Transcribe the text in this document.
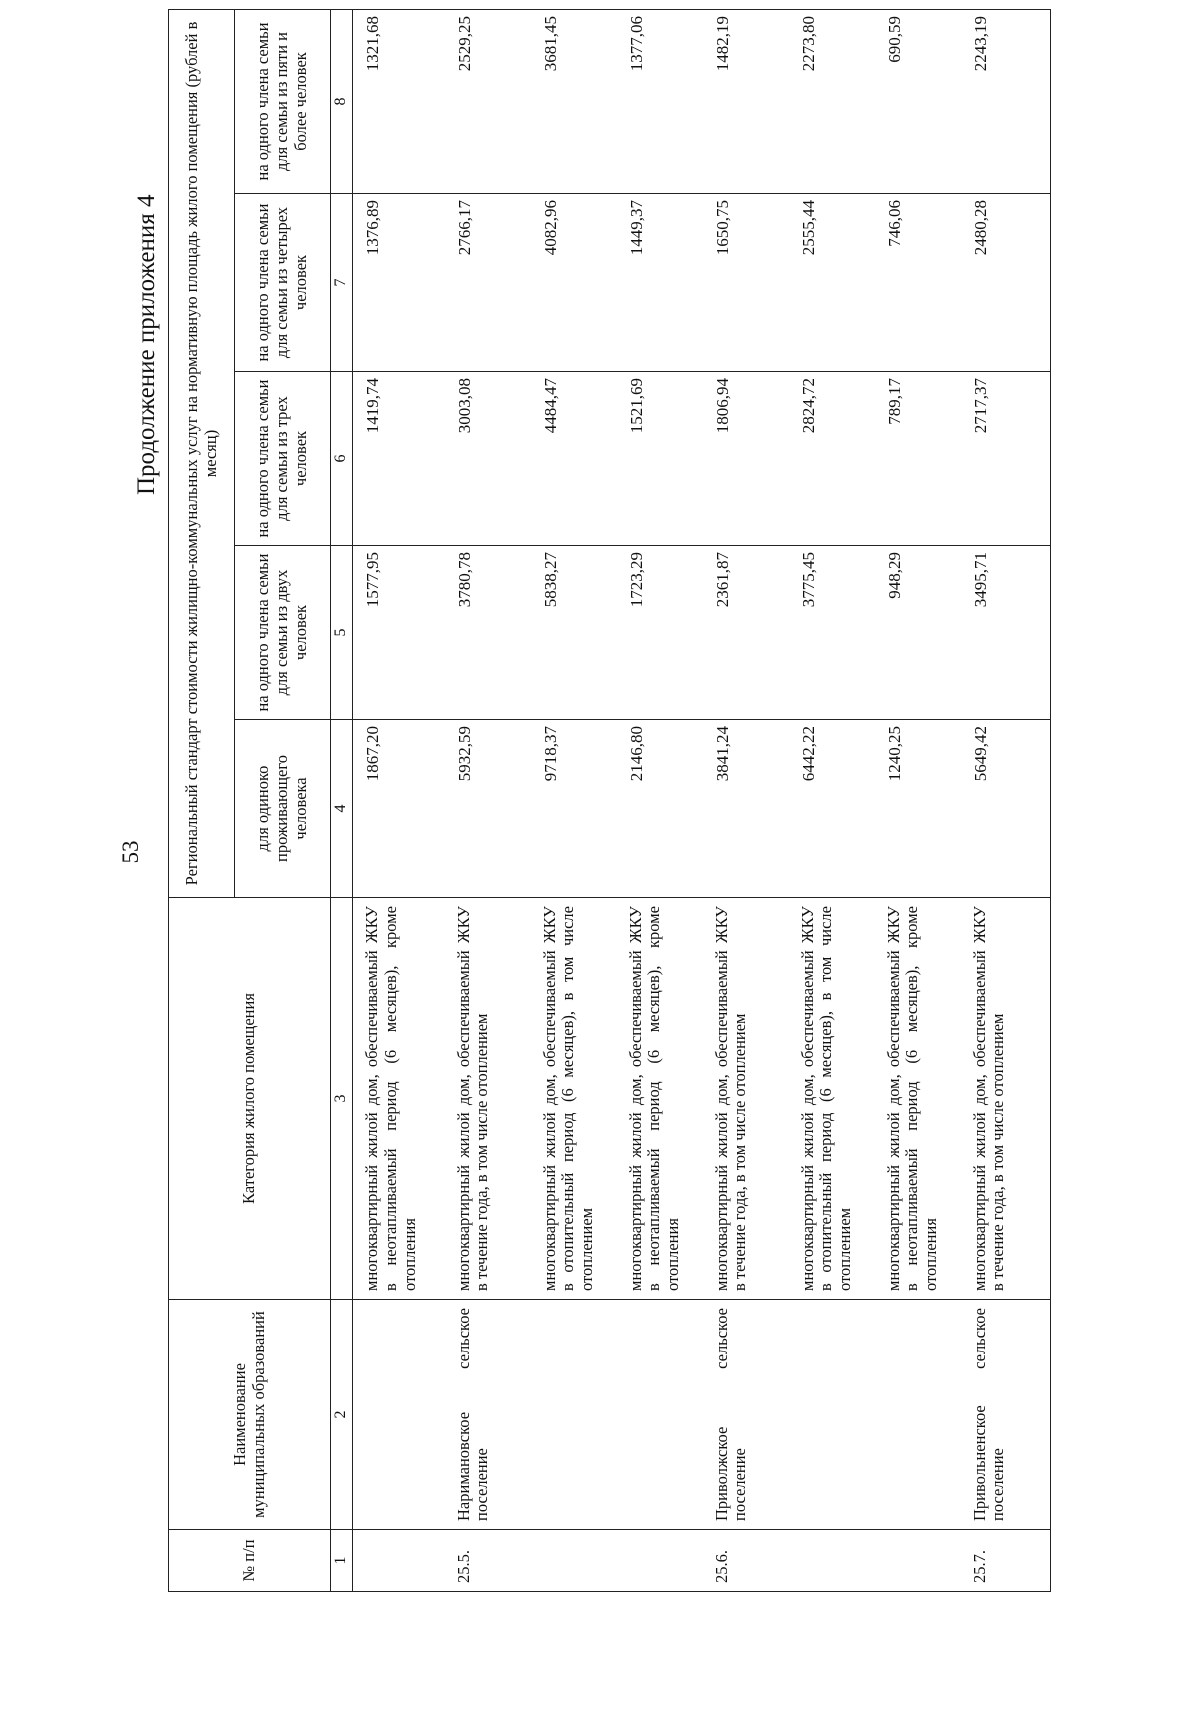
53
Продолжение приложения 4
№ п/п	Наименование муниципальных образований	Категория жилого помещения	Региональный стандарт стоимости жилищно-коммунальных услуг на нормативную площадь жилого помещения (рублей в месяц)				
			для одиноко проживающего человека	на одного члена семьи для семьи из двух человек	на одного члена семьи для семьи из трех человек	на одного члена семьи для семьи из четырех человек	на одного члена семьи для семьи из пяти и более человек
1	2	3	4	5	6	7	8
		многоквартирный жилой дом, обеспечиваемый ЖКУ в неотапливаемый период (6 месяцев), кроме отопления	1867,20	1577,95	1419,74	1376,89	1321,68
25.5.	Наримановское сельское поселение	многоквартирный жилой дом, обеспечиваемый ЖКУ в течение года, в том числе отоплением	5932,59	3780,78	3003,08	2766,17	2529,25
		многоквартирный жилой дом, обеспечиваемый ЖКУ в отопительный период (6 месяцев), в том числе отоплением	9718,37	5838,27	4484,47	4082,96	3681,45
		многоквартирный жилой дом, обеспечиваемый ЖКУ в неотапливаемый период (6 месяцев), кроме отопления	2146,80	1723,29	1521,69	1449,37	1377,06
25.6.	Приволжское сельское поселение	многоквартирный жилой дом, обеспечиваемый ЖКУ в течение года, в том числе отоплением	3841,24	2361,87	1806,94	1650,75	1482,19
		многоквартирный жилой дом, обеспечиваемый ЖКУ в отопительный период (6 месяцев), в том числе отоплением	6442,22	3775,45	2824,72	2555,44	2273,80
		многоквартирный жилой дом, обеспечиваемый ЖКУ в неотапливаемый период (6 месяцев), кроме отопления	1240,25	948,29	789,17	746,06	690,59
25.7.	Привольненское сельское поселение	многоквартирный жилой дом, обеспечиваемый ЖКУ в течение года, в том числе отоплением	5649,42	3495,71	2717,37	2480,28	2243,19
